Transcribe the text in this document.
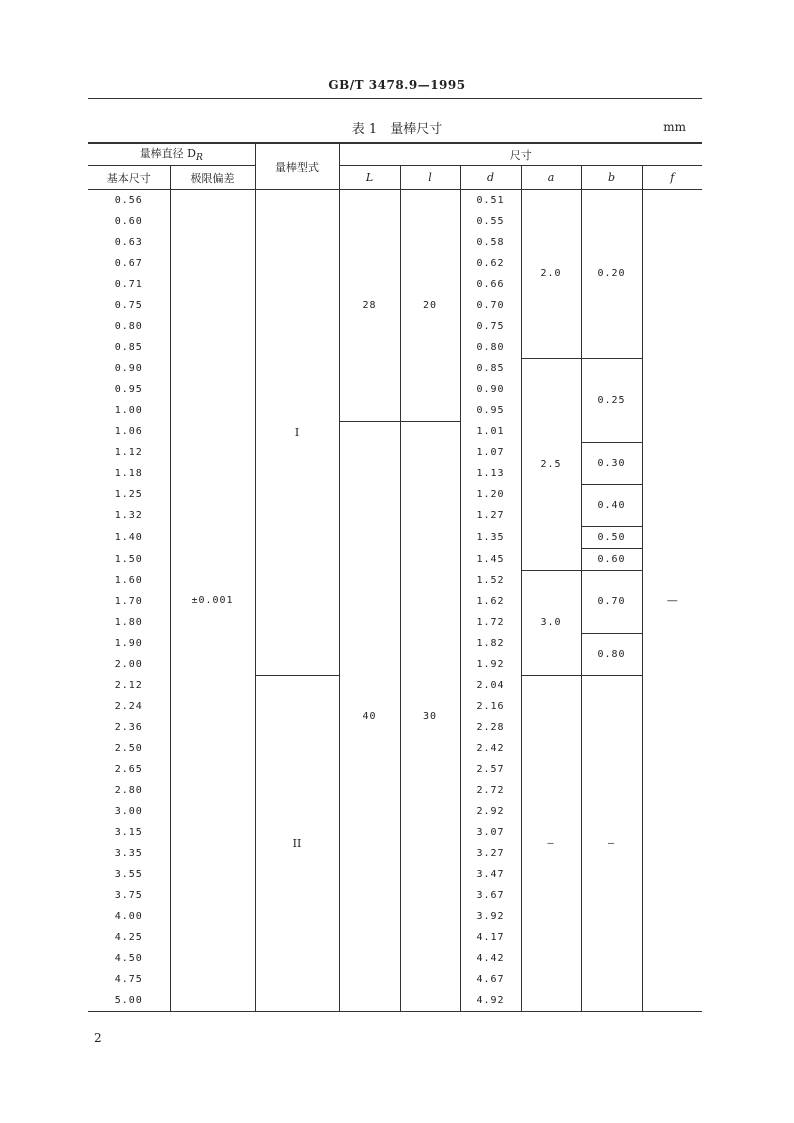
GB/T 3478.9—1995
表 1　量棒尺寸	mm
量棒直径 $D_R$		量棒型式	尺寸					
基本尺寸	极限偏差		L	l	d	a	b	f
0.56	±0.001	I	28	20	0.51	2.0	0.20	—
0.60					0.55			
0.63					0.58			
0.67					0.62			
0.71					0.66			
0.75					0.70			
0.80					0.75			
0.85					0.80			
0.90					0.85	2.5	0.25	
0.95					0.90			
1.00					0.95			
1.06			40	30	1.01			
1.12					1.07		0.30	
1.18					1.13			
1.25					1.20		0.40	
1.32					1.27			
1.40					1.35		0.50	
1.50					1.45		0.60	
1.60					1.52	3.0	0.70	
1.70					1.62			
1.80					1.72			
1.90					1.82		0.80	
2.00					1.92			
2.12		II			2.04	—	—	
2.24					2.16			
2.36					2.28			
2.50					2.42			
2.65					2.57			
2.80					2.72			
3.00					2.92			
3.15					3.07			
3.35					3.27			
3.55					3.47			
3.75					3.67			
4.00					3.92			
4.25					4.17			
4.50					4.42			
4.75					4.67			
5.00					4.92			
2
